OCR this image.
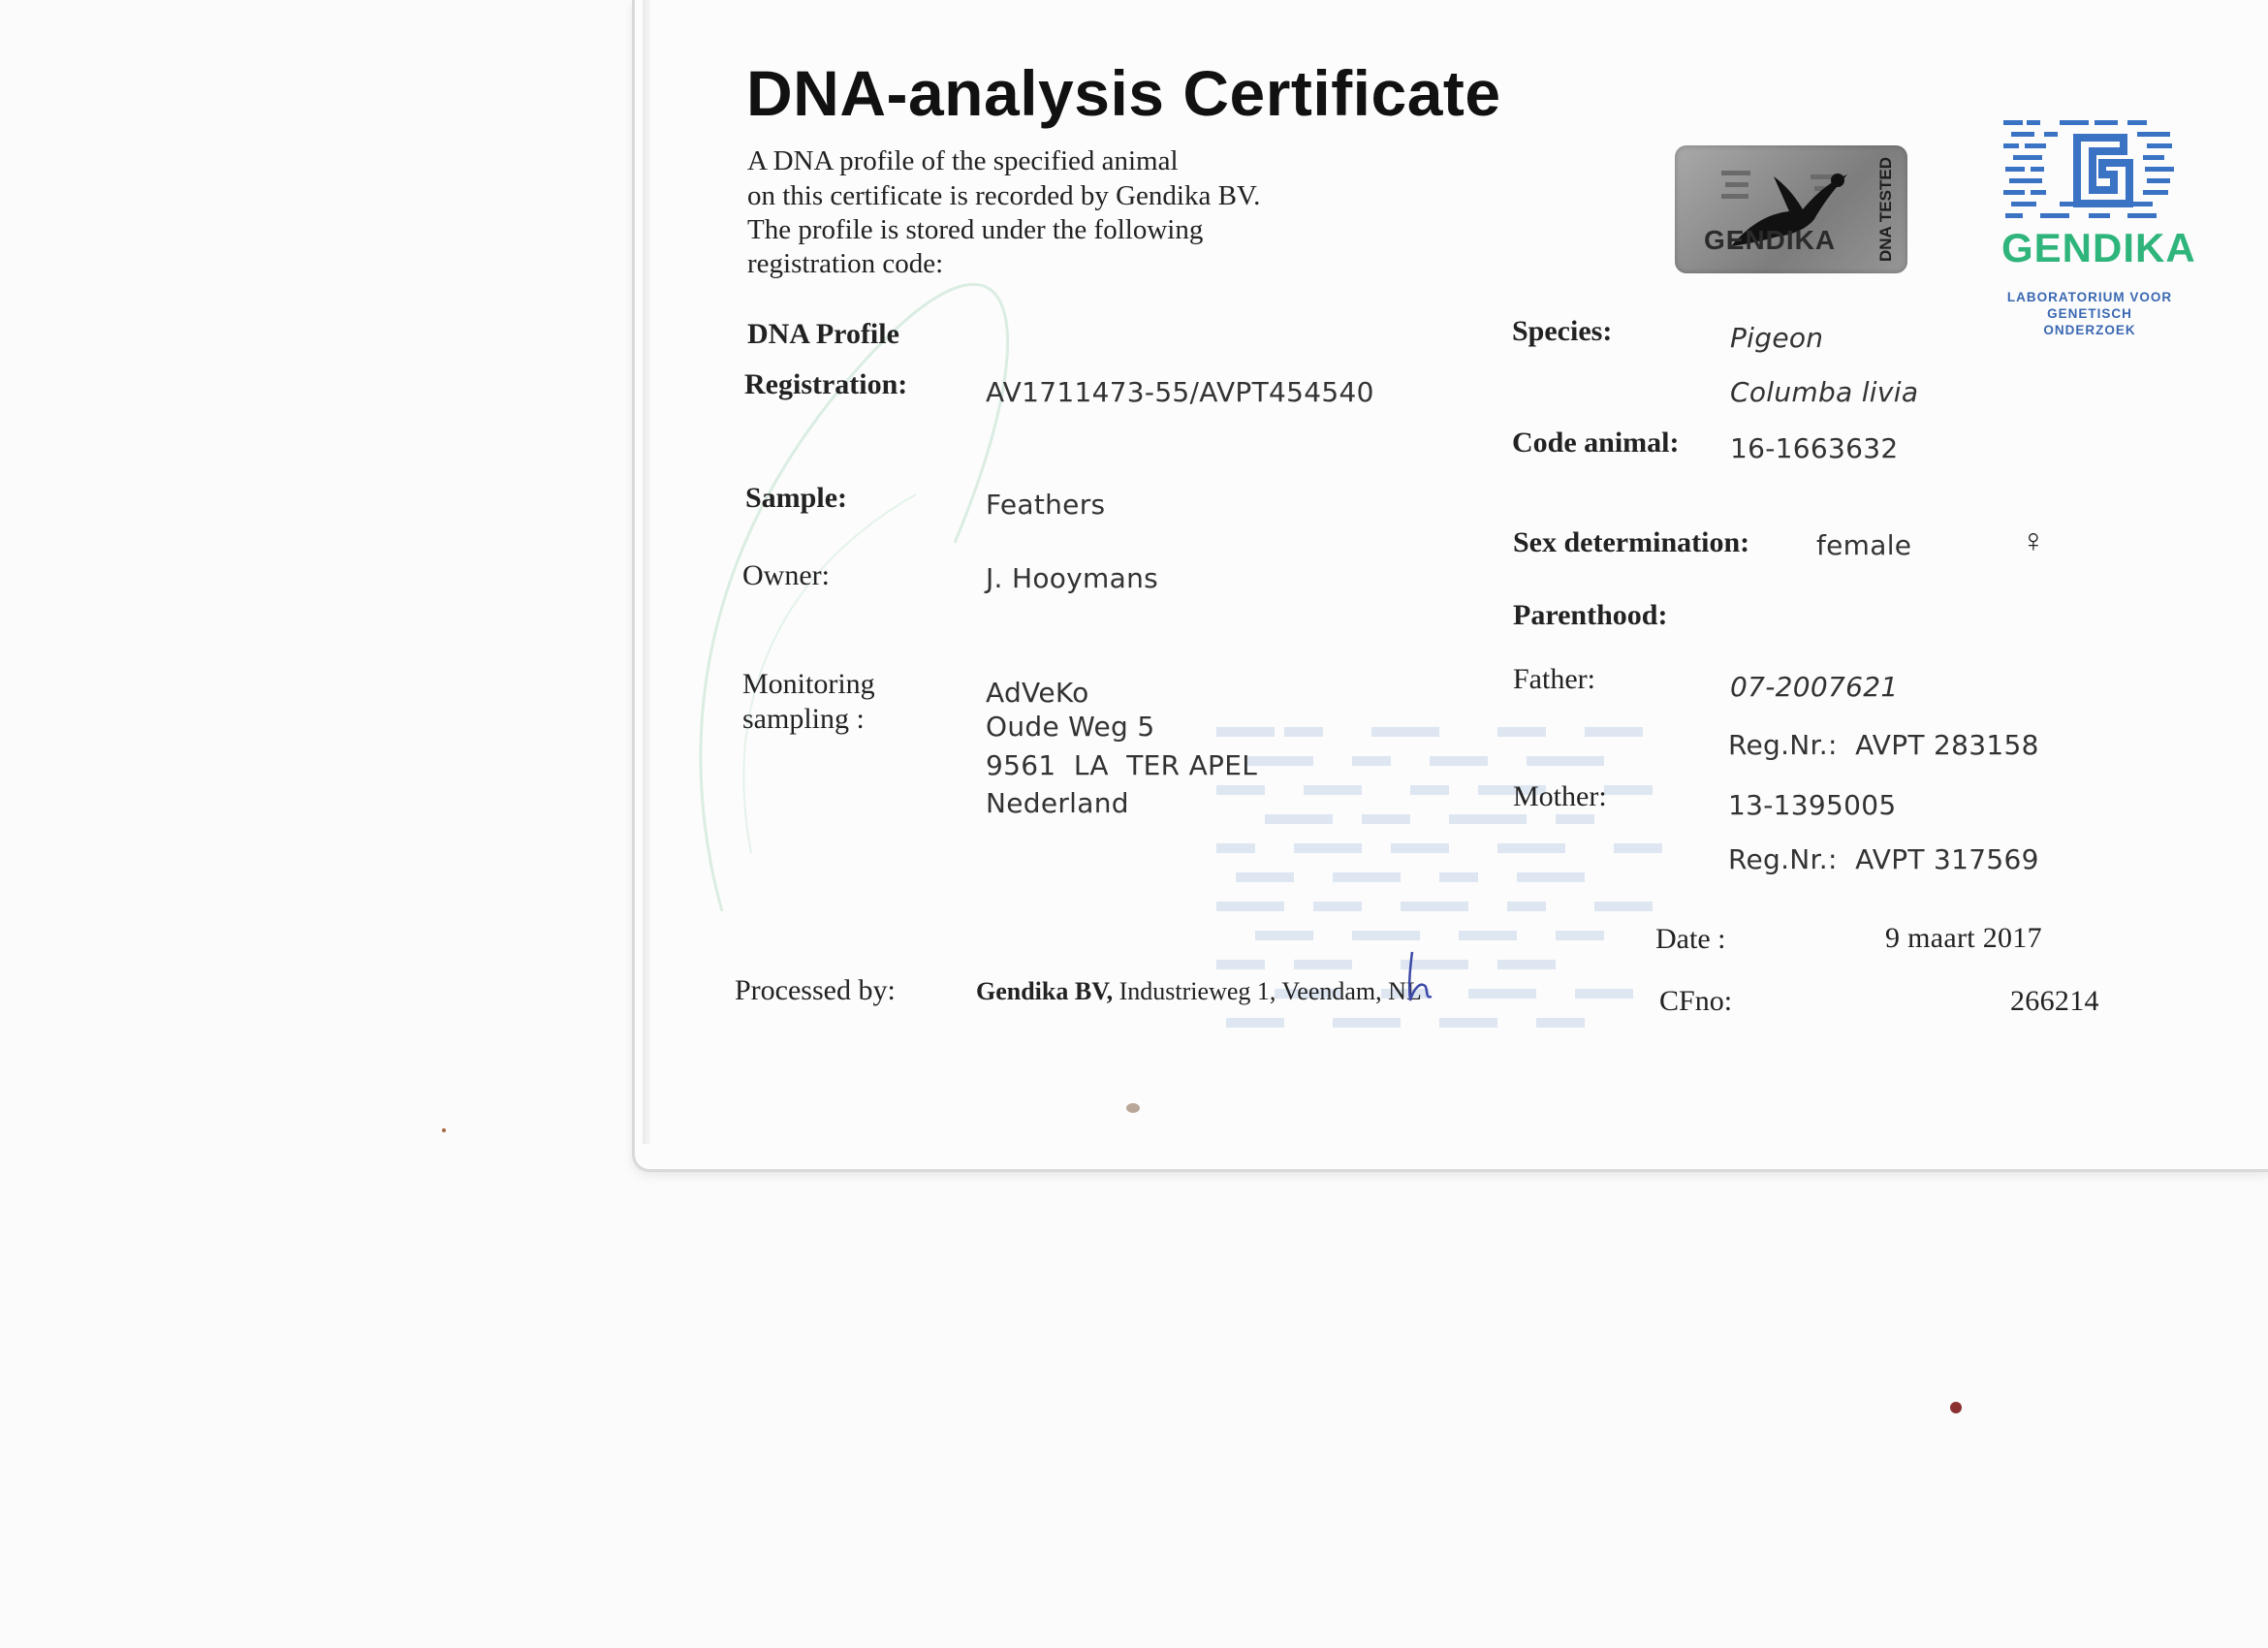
DNA-analysis Certificate
A DNA profile of the specified animal
on this certificate is recorded by Gendika BV.
The profile is stored under the following
registration code:
GENDIKA DNA TESTED	GENDIKA
LABORATORIUM VOOR
GENETISCH ONDERZOEK
DNA Profile
Registration:	AV1711473-55/AVPT454540
Sample:	Feathers
Owner:	J. Hooymans
Monitoring
sampling :
AdVeKo
Oude Weg 5
9561  LA  TER APEL
Nederland
Processed by:	Gendika BV, Industrieweg 1, Veendam, NL
Species:	Pigeon
Columba livia
Code animal: 16-1663632
Sex determination: female	♀
Parenthood:
Father:	07-2007621
Reg.Nr.:  AVPT 283158
Mother:	13-1395005
Reg.Nr.:  AVPT 317569
Date :	9 maart 2017
CFno:	266214
